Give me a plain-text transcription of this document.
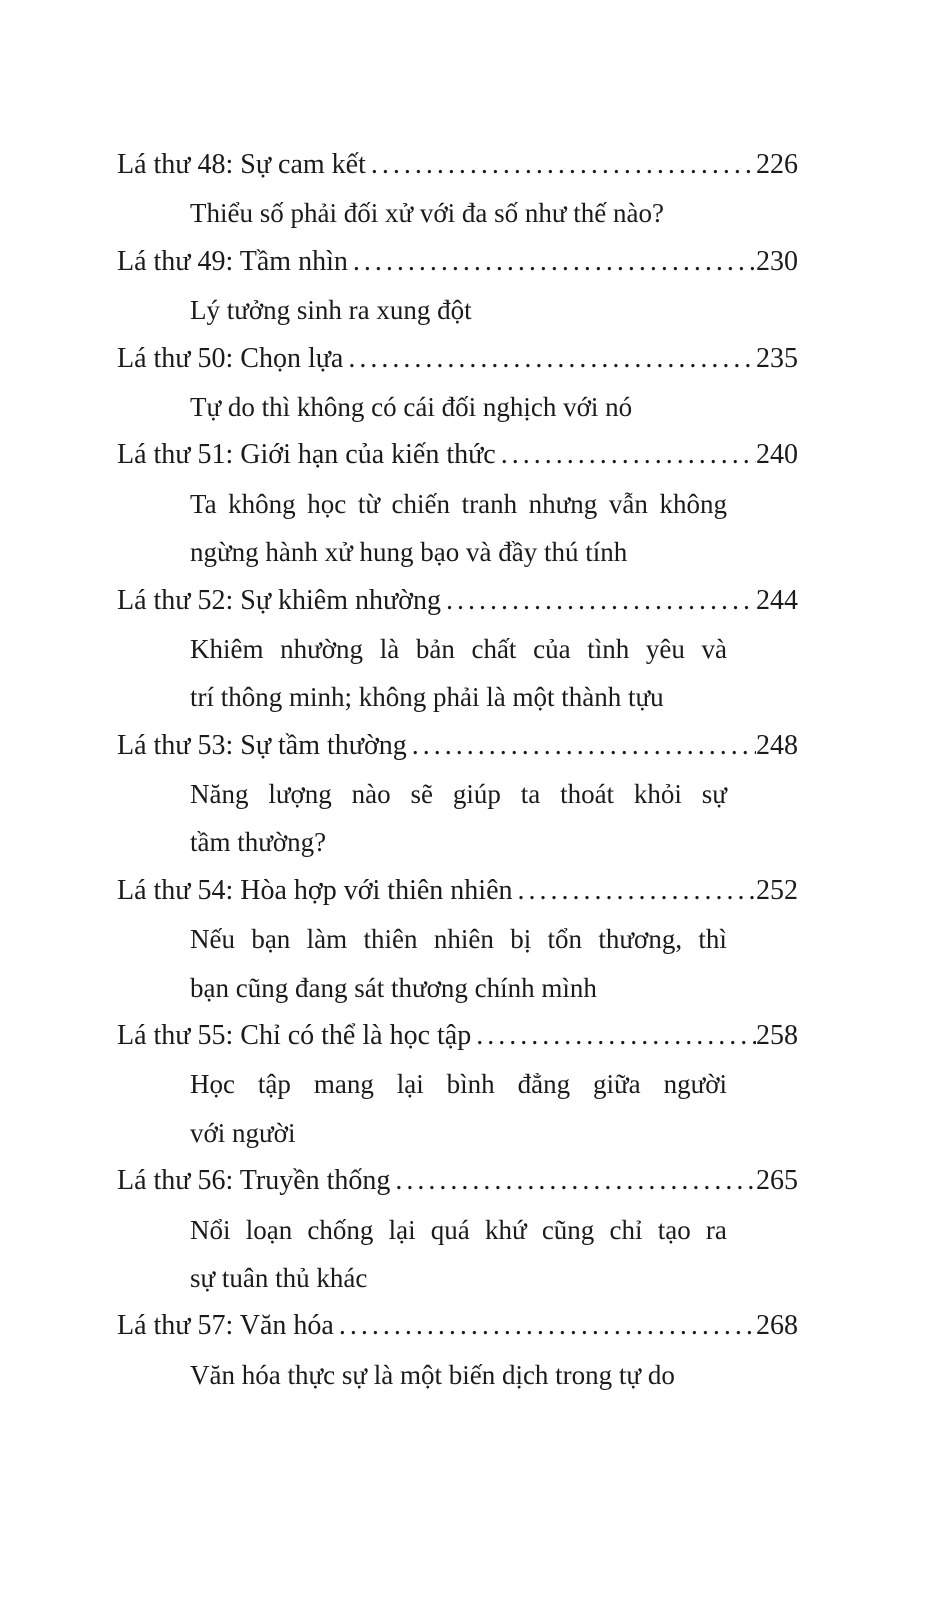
Lá thư 48: Sự cam kết .....	226
Thiểu số phải đối xử với đa số như thế nào?
Lá thư 49: Tầm nhìn .....	230
Lý tưởng sinh ra xung đột
Lá thư 50: Chọn lựa .....	235
Tự do thì không có cái đối nghịch với nó
Lá thư 51: Giới hạn của kiến thức .....	240
Ta không học từ chiến tranh nhưng vẫn không
ngừng hành xử hung bạo và đầy thú tính
Lá thư 52: Sự khiêm nhường .....	244
Khiêm nhường là bản chất của tình yêu và
trí thông minh; không phải là một thành tựu
Lá thư 53: Sự tầm thường .....	248
Năng lượng nào sẽ giúp ta thoát khỏi sự
tầm thường?
Lá thư 54: Hòa hợp với thiên nhiên .....	252
Nếu bạn làm thiên nhiên bị tổn thương, thì
bạn cũng đang sát thương chính mình
Lá thư 55: Chỉ có thể là học tập .....	258
Học tập mang lại bình đẳng giữa người
với người
Lá thư 56: Truyền thống .....	265
Nổi loạn chống lại quá khứ cũng chỉ tạo ra
sự tuân thủ khác
Lá thư 57: Văn hóa .....	268
Văn hóa thực sự là một biến dịch trong tự do
